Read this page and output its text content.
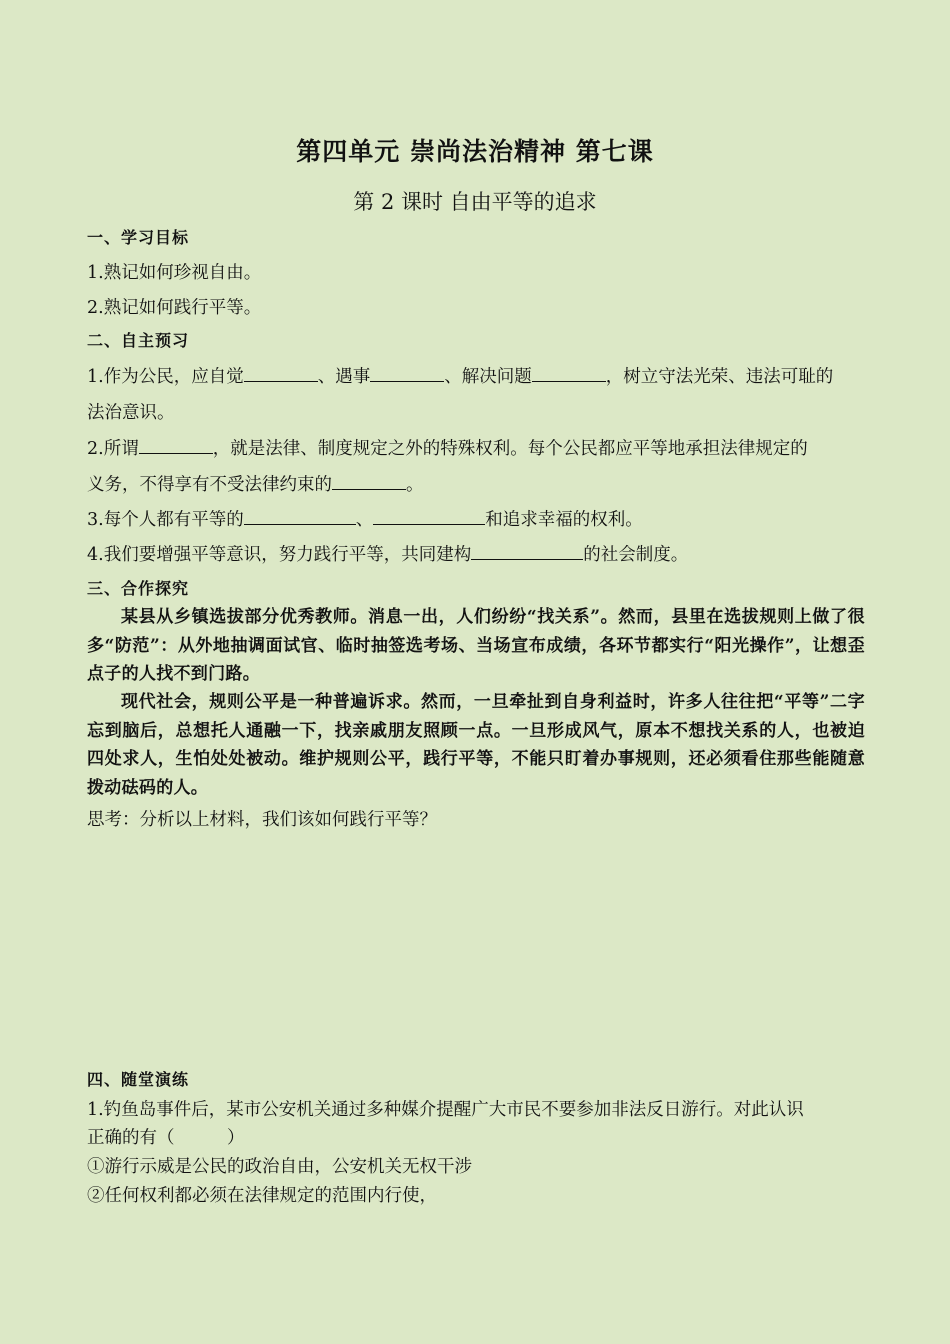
第四单元 崇尚法治精神 第七课
第 2 课时 自由平等的追求
一、学习目标
1.熟记如何珍视自由。
2.熟记如何践行平等。
二、自主预习
1.作为公民，应自觉	、遇事	、解决问题	，树立守法光荣、违法可耻的
法治意识。
2.所谓	，就是法律、制度规定之外的特殊权利。每个公民都应平等地承担法律规定的
义务，不得享有不受法律约束的	。
3.每个人都有平等的	、	和追求幸福的权利。
4.我们要增强平等意识，努力践行平等，共同建构	的社会制度。
三、合作探究
某县从乡镇选拔部分优秀教师。消息一出，人们纷纷“找关系”。然而，县里在选拔规则上做了很多“防范”：从外地抽调面试官、临时抽签选考场、当场宣布成绩，各环节都实行“阳光操作”，让想歪点子的人找不到门路。
现代社会，规则公平是一种普遍诉求。然而，一旦牵扯到自身利益时，许多人往往把“平等”二字忘到脑后，总想托人通融一下，找亲戚朋友照顾一点。一旦形成风气，原本不想找关系的人，也被迫四处求人，生怕处处被动。维护规则公平，践行平等，不能只盯着办事规则，还必须看住那些能随意拨动砝码的人。
思考：分析以上材料，我们该如何践行平等？
四、随堂演练
1.钓鱼岛事件后，某市公安机关通过多种媒介提醒广大市民不要参加非法反日游行。对此认识
正确的有（　　　）
①游行示威是公民的政治自由，公安机关无权干涉
②任何权利都必须在法律规定的范围内行使，
